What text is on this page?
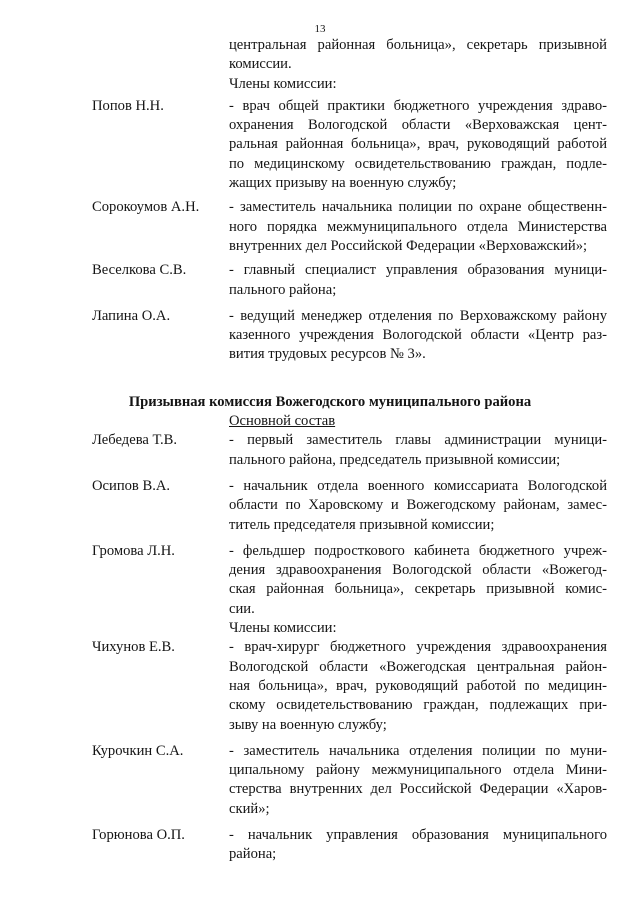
13
центральная районная больница», секретарь призывной
комиссии.
Члены комиссии:
Попов Н.Н.	- врач общей практики бюджетного учреждения здраво-
охранения Вологодской области «Верховажская цент-
ральная районная больница», врач, руководящий работой
по медицинскому освидетельствованию граждан, подле-
жащих призыву на военную службу;
Сорокоумов А.Н.	- заместитель начальника полиции по охране общественн-
ного порядка межмуниципального отдела Министерства
внутренних дел Российской Федерации «Верховажский»;
Веселкова С.В.	- главный специалист управления образования муници-
пального района;
Лапина О.А.	- ведущий менеджер отделения по Верховажскому району
казенного учреждения Вологодской области «Центр раз-
вития трудовых ресурсов № 3».
Призывная комиссия Вожегодского муниципального района
Основной состав
Лебедева Т.В.	- первый заместитель главы администрации муници-
пального района, председатель призывной комиссии;
Осипов В.А.	- начальник отдела военного комиссариата Вологодской
области по Харовскому и Вожегодскому районам, замес-
титель председателя призывной комиссии;
Громова Л.Н.	- фельдшер подросткового кабинета бюджетного учреж-
дения здравоохранения Вологодской области «Вожегод-
ская районная больница», секретарь призывной комис-
сии.
Члены комиссии:
Чихунов Е.В.	- врач-хирург бюджетного учреждения здравоохранения
Вологодской области «Вожегодская центральная район-
ная больница», врач, руководящий работой по медицин-
скому освидетельствованию граждан, подлежащих при-
зыву на военную службу;
Курочкин С.А.	- заместитель начальника отделения полиции по муни-
ципальному району межмуниципального отдела Мини-
стерства внутренних дел Российской Федерации «Харов-
ский»;
Горюнова О.П.	- начальник управления образования муниципального
района;
